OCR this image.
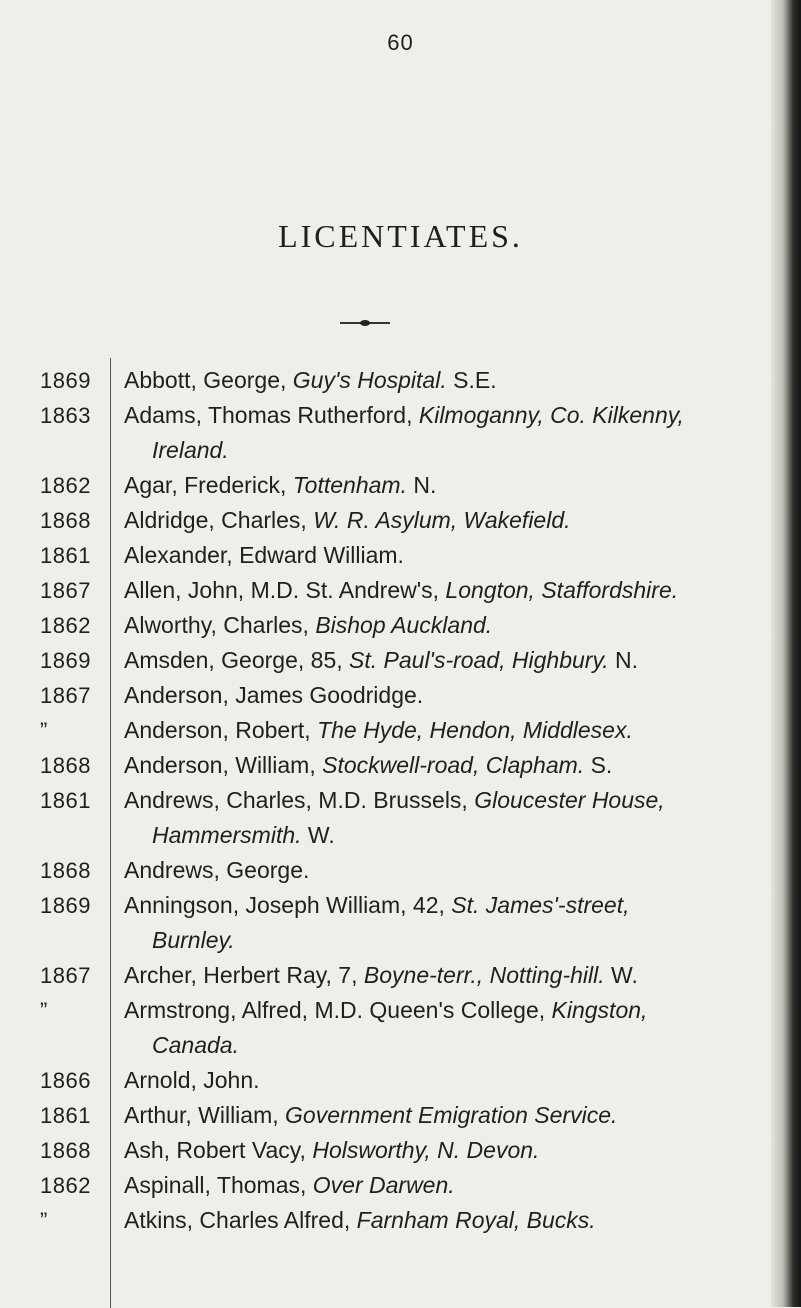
60
LICENTIATES.
1869	Abbott, George, Guy's Hospital. S.E.
1863	Adams, Thomas Rutherford, Kilmoganny, Co. Kilkenny,
Ireland.
1862	Agar, Frederick, Tottenham. N.
1868	Aldridge, Charles, W. R. Asylum, Wakefield.
1861	Alexander, Edward William.
1867	Allen, John, M.D. St. Andrew's, Longton, Staffordshire.
1862	Alworthy, Charles, Bishop Auckland.
1869	Amsden, George, 85, St. Paul's-road, Highbury. N.
1867	Anderson, James Goodridge.
”	Anderson, Robert, The Hyde, Hendon, Middlesex.
1868	Anderson, William, Stockwell-road, Clapham. S.
1861	Andrews, Charles, M.D. Brussels, Gloucester House,
Hammersmith. W.
1868	Andrews, George.
1869	Anningson, Joseph William, 42, St. James'-street,
Burnley.
1867	Archer, Herbert Ray, 7, Boyne-terr., Notting-hill. W.
”	Armstrong, Alfred, M.D. Queen's College, Kingston,
Canada.
1866	Arnold, John.
1861	Arthur, William, Government Emigration Service.
1868	Ash, Robert Vacy, Holsworthy, N. Devon.
1862	Aspinall, Thomas, Over Darwen.
”	Atkins, Charles Alfred, Farnham Royal, Bucks.
